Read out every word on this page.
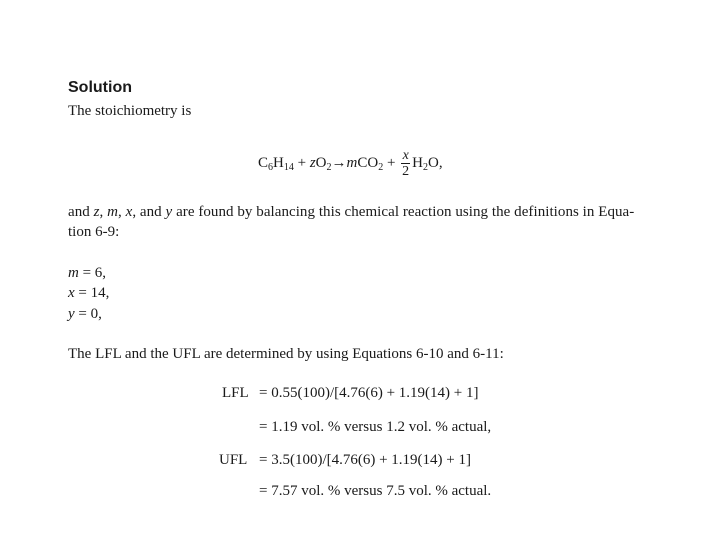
Solution
The stoichiometry is
$C_6H_{14} + zO_2\to mCO_2 + \frac{x}{2} H_2O$,
and z, m, x, and y are found by balancing this chemical reaction using the definitions in Equa-
tion 6-9:
m = 6,
x = 14,
y = 0,
The LFL and the UFL are determined by using Equations 6-10 and 6-11:
LFL = 0.55(100)/[4.76(6) + 1.19(14) + 1]
= 1.19 vol. % versus 1.2 vol. % actual,
UFL = 3.5(100)/[4.76(6) + 1.19(14) + 1]
= 7.57 vol. % versus 7.5 vol. % actual.
